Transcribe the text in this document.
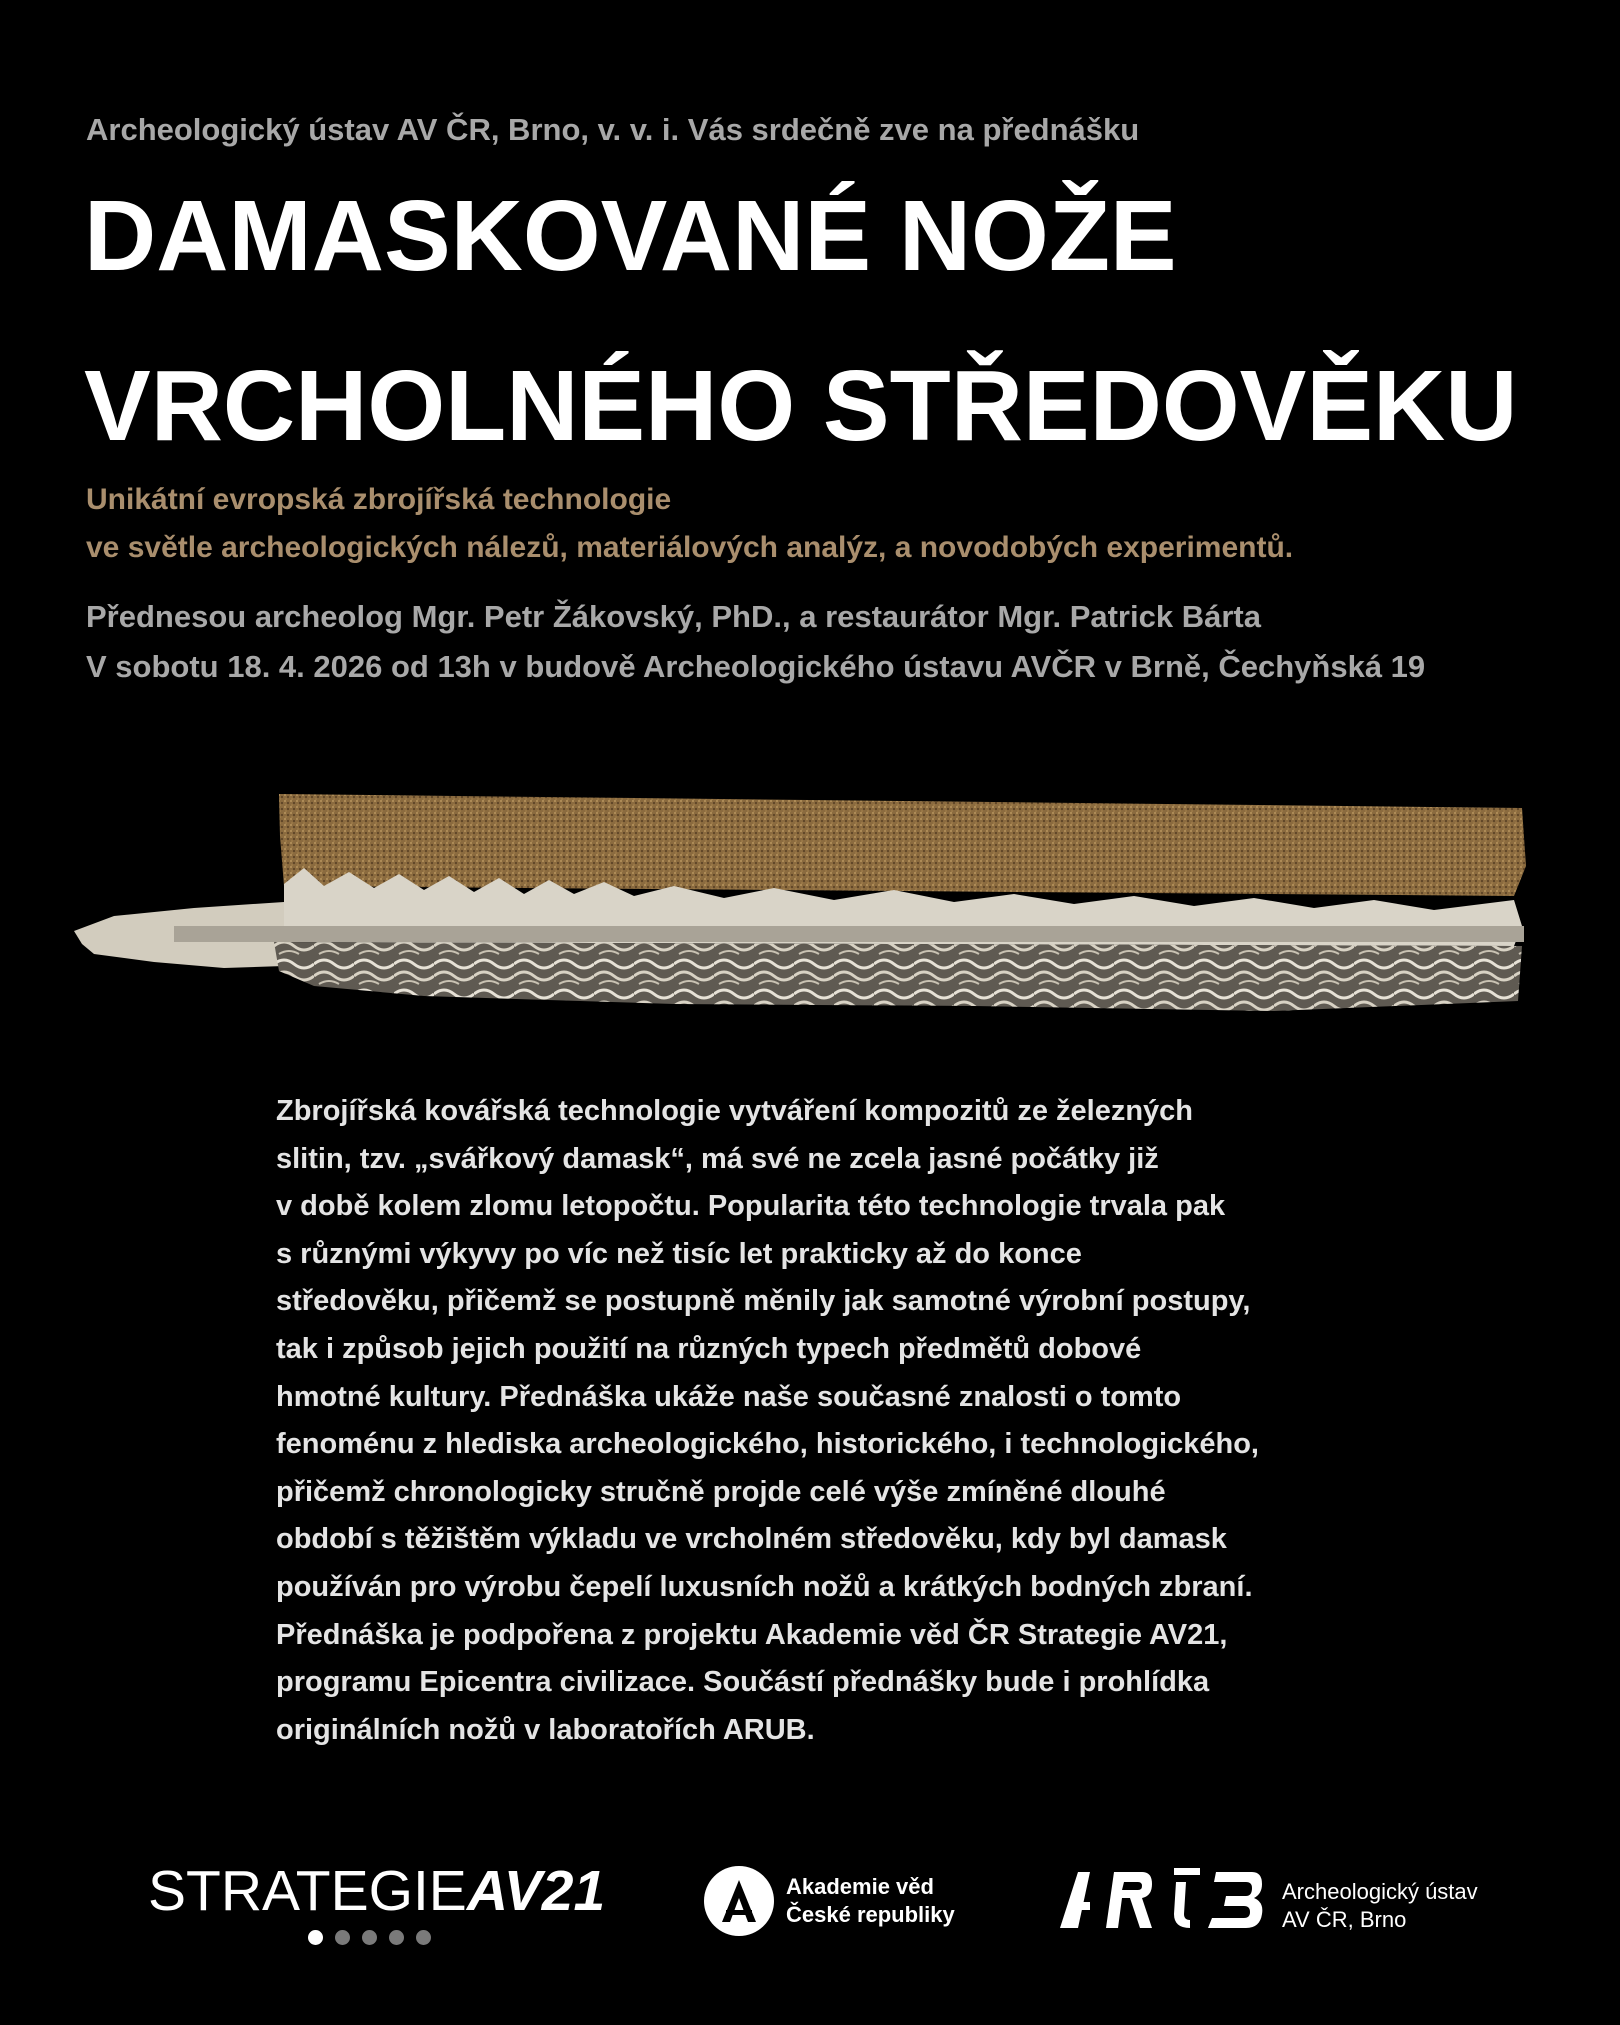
Archeologický ústav AV ČR, Brno, v. v. i. Vás srdečně zve na přednášku
DAMASKOVANÉ NOŽE
VRCHOLNÉHO STŘEDOVĚKU
Unikátní evropská zbrojířská technologie
ve světle archeologických nálezů, materiálových analýz, a novodobých experimentů.
Přednesou archeolog Mgr. Petr Žákovský, PhD., a restaurátor Mgr. Patrick Bárta
V sobotu 18. 4. 2026 od 13h v budově Archeologického ústavu AVČR v Brně, Čechyňská 19
Zbrojířská kovářská technologie vytváření kompozitů ze železných
slitin, tzv. „svářkový damask“, má své ne zcela jasné počátky již
v době kolem zlomu letopočtu. Popularita této technologie trvala pak
s různými výkyvy po víc než tisíc let prakticky až do konce
středověku, přičemž se postupně měnily jak samotné výrobní postupy,
tak i způsob jejich použití na různých typech předmětů dobové
hmotné kultury. Přednáška ukáže naše současné znalosti o tomto
fenoménu z hlediska archeologického, historického, i technologického,
přičemž chronologicky stručně projde celé výše zmíněné dlouhé
období s těžištěm výkladu ve vrcholném středověku, kdy byl damask
používán pro výrobu čepelí luxusních nožů a krátkých bodných zbraní.
Přednáška je podpořena z projektu Akademie věd ČR Strategie AV21,
programu Epicentra civilizace. Součástí přednášky bude i prohlídka
originálních nožů v laboratořích ARUB.
STRATEGIEAV21	Akademie věd
České republiky
Archeologický ústav
AV ČR, Brno
